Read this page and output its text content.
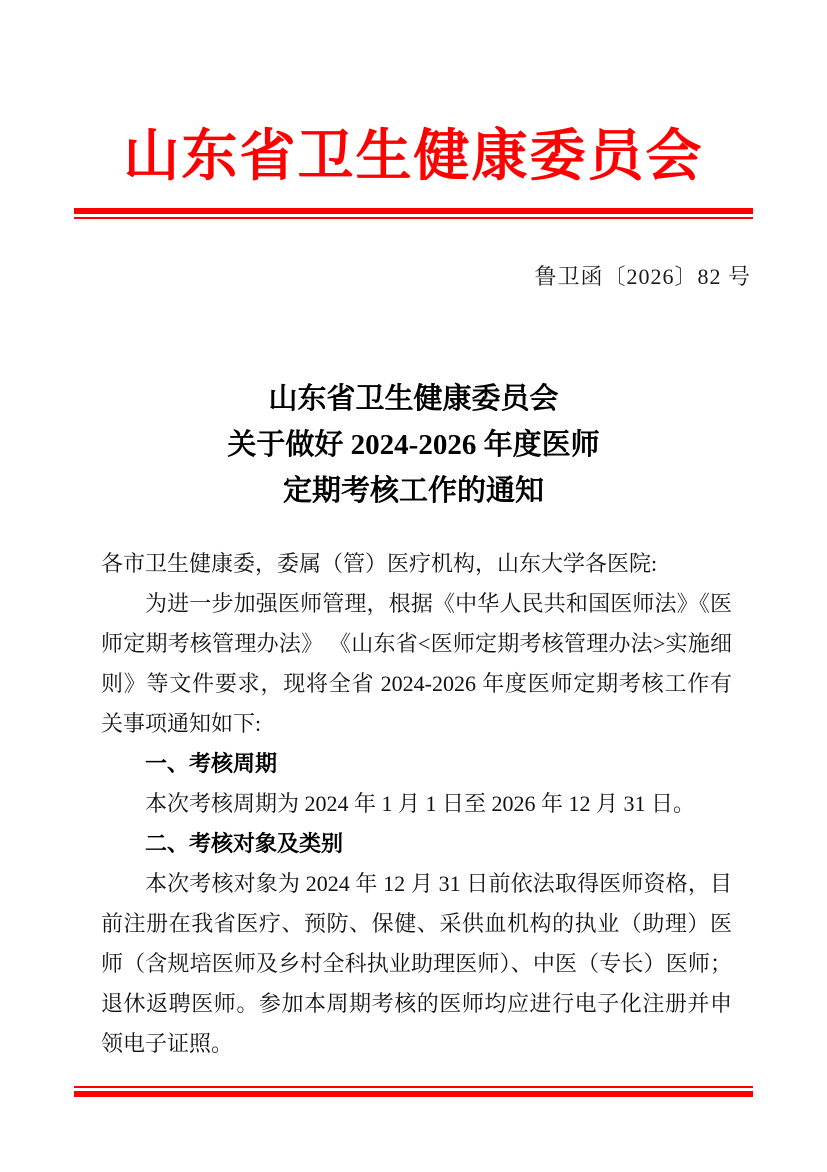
山东省卫生健康委员会
鲁卫函〔2026〕82 号
山东省卫生健康委员会
关于做好 2024-2026 年度医师
定期考核工作的通知

各市卫生健康委，委属（管）医疗机构，山东大学各医院:

为进一步加强医师管理，根据《中华人民共和国医师法》《医师定期考核管理办法》 《山东省<医师定期考核管理办法>实施细则》等文件要求，现将全省 2024-2026 年度医师定期考核工作有关事项通知如下:

一、考核周期

本次考核周期为 2024 年 1 月 1 日至 2026 年 12 月 31 日。

二、考核对象及类别

本次考核对象为 2024 年 12 月 31 日前依法取得医师资格，目前注册在我省医疗、预防、保健、采供血机构的执业（助理）医师（含规培医师及乡村全科执业助理医师）、中医（专长）医师；退休返聘医师。参加本周期考核的医师均应进行电子化注册并申领电子证照。
